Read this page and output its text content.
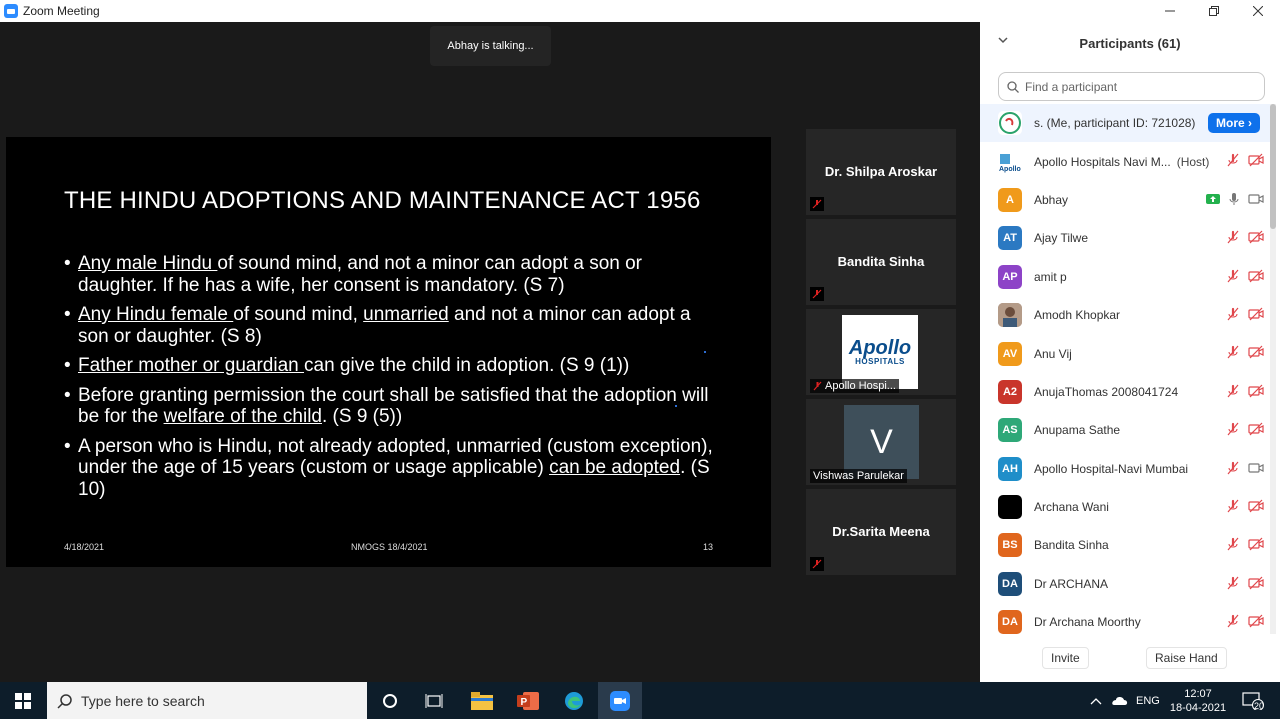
Zoom Meeting
Abhay is talking...
THE HINDU ADOPTIONS AND MAINTENANCE ACT 1956
• Any male Hindu of sound mind, and not a minor can adopt a son or daughter. If he has a wife, her consent is mandatory. (S 7)
• Any Hindu female of sound mind, unmarried and not a minor can adopt a son or daughter. (S 8)
• Father mother or guardian can give the child in adoption. (S 9 (1))
• Before granting permission the court shall be satisfied that the adoption will be for the welfare of the child. (S 9 (5))
• A person who is Hindu, not already adopted, unmarried (custom exception), under the age of 15 years (custom or usage applicable) can be adopted. (S 10)
4/18/2021	NMOGS 18/4/2021	13
Dr. Shilpa Aroskar
Bandita Sinha
Apollo
HOSPITALS
Apollo Hospi...
V
Vishwas Parulekar
Dr.Sarita Meena
Participants (61)
Find a participant
s. (Me, participant ID: 721028)	More ›
Apollo
Apollo Hospitals Navi M... (Host)
A	Abhay
AT	Ajay Tilwe
AP	amit p
Amodh Khopkar
AV	Anu Vij
A2	AnujaThomas 2008041724
AS	Anupama Sathe
AH	Apollo Hospital-Navi Mumbai
Archana Wani
BS	Bandita Sinha
DA	Dr ARCHANA
DA	Dr Archana Moorthy
Invite	Raise Hand
Type here to search	P	ENG
12:07
18-04-2021	20
